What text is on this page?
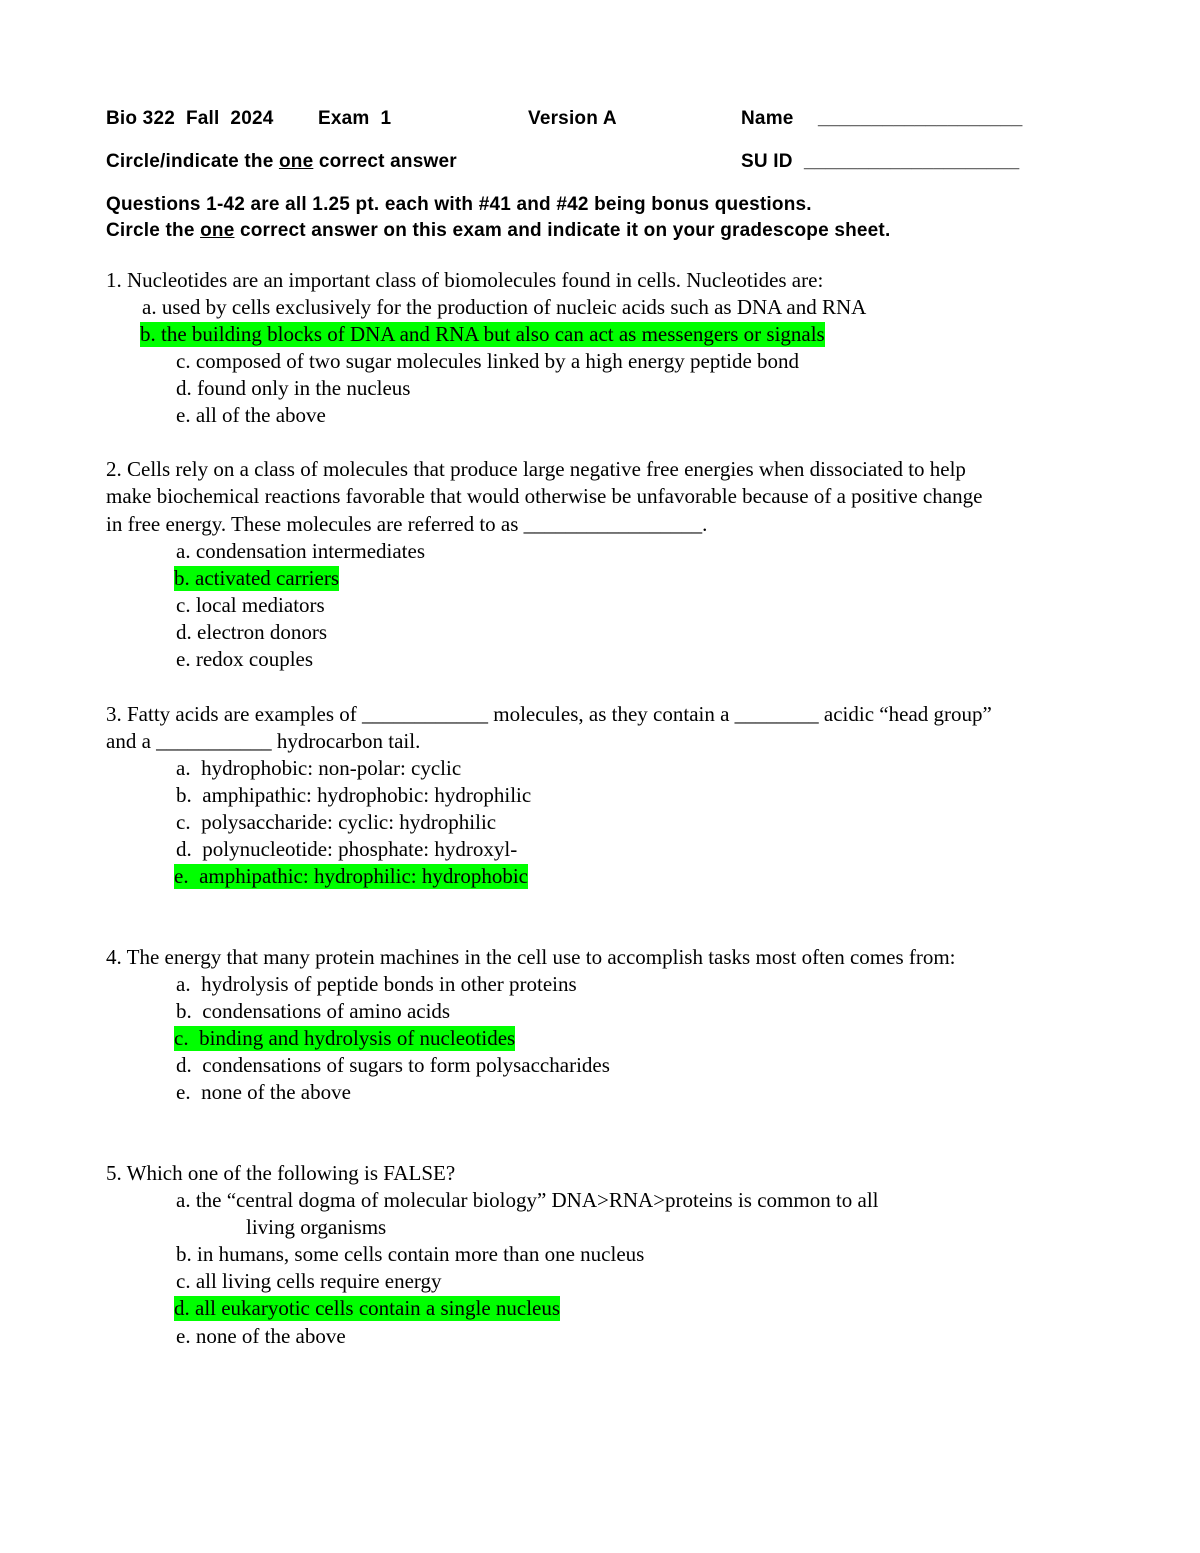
Bio 322  Fall  2024 Exam  1	Version A	Name ___________________
Circle/indicate the one correct answer	SU ID ____________________
Questions 1-42 are all 1.25 pt. each with #41 and #42 being bonus questions.
Circle the one correct answer on this exam and indicate it on your gradescope sheet.
1. Nucleotides are an important class of biomolecules found in cells. Nucleotides are:
a. used by cells exclusively for the production of nucleic acids such as DNA and RNA
b. the building blocks of DNA and RNA but also can act as messengers or signals
c. composed of two sugar molecules linked by a high energy peptide bond
d. found only in the nucleus
e. all of the above
2. Cells rely on a class of molecules that produce large negative free energies when dissociated to help
make biochemical reactions favorable that would otherwise be unfavorable because of a positive change
in free energy. These molecules are referred to as _________________.
a. condensation intermediates
b. activated carriers
c. local mediators
d. electron donors
e. redox couples
3. Fatty acids are examples of ____________ molecules, as they contain a ________ acidic “head group”
and a ___________ hydrocarbon tail.
a.  hydrophobic: non-polar: cyclic
b.  amphipathic: hydrophobic: hydrophilic
c.  polysaccharide: cyclic: hydrophilic
d.  polynucleotide: phosphate: hydroxyl-
e.  amphipathic: hydrophilic: hydrophobic
4. The energy that many protein machines in the cell use to accomplish tasks most often comes from:
a.  hydrolysis of peptide bonds in other proteins
b.  condensations of amino acids
c.  binding and hydrolysis of nucleotides
d.  condensations of sugars to form polysaccharides
e.  none of the above
5. Which one of the following is FALSE?
a. the “central dogma of molecular biology” DNA>RNA>proteins is common to all
living organisms
b. in humans, some cells contain more than one nucleus
c. all living cells require energy
d. all eukaryotic cells contain a single nucleus
e. none of the above
